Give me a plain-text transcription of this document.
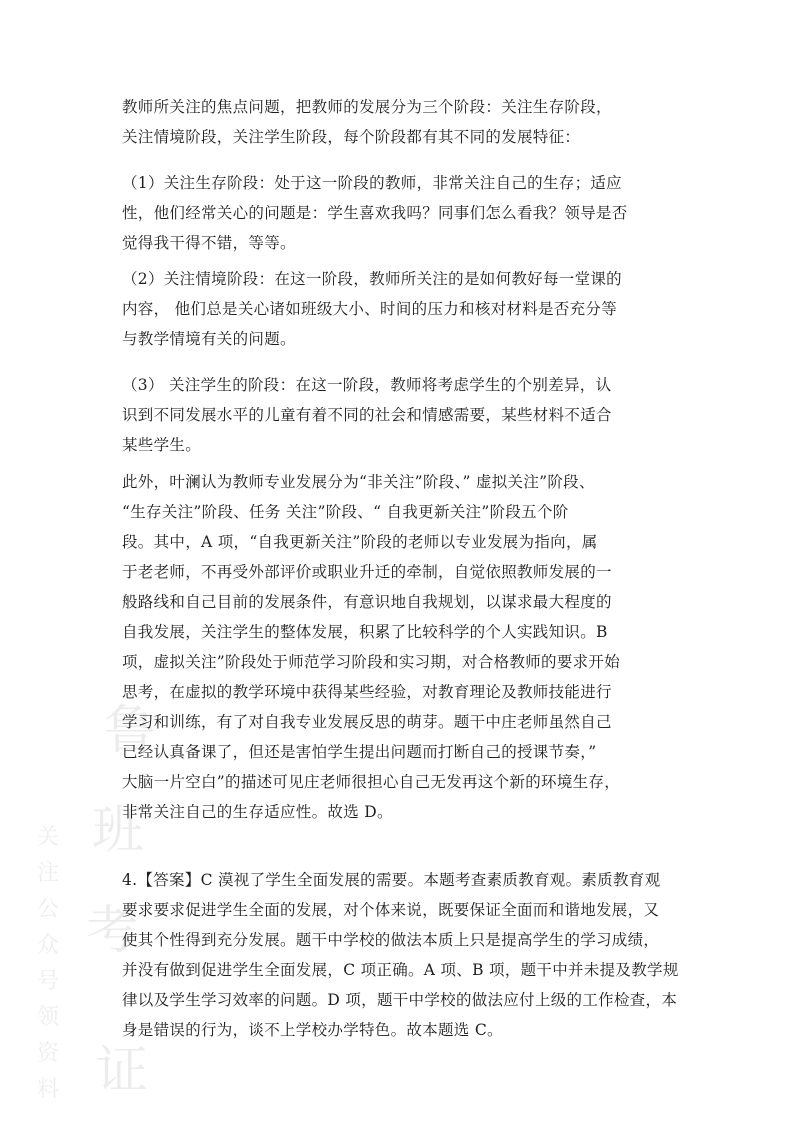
鲁
班
考
证
关
注
公
众
号
领
资
料

教师所关注的焦点问题，把教师的发展分为三个阶段：关注生存阶段，
关注情境阶段，关注学生阶段，每个阶段都有其不同的发展特征：

（1）关注生存阶段：处于这一阶段的教师，非常关注自己的生存；适应
性，他们经常关心的问题是：学生喜欢我吗？同事们怎么看我？领导是否
觉得我干得不错，等等。

（2）关注情境阶段：在这一阶段，教师所关注的是如何教好每一堂课的
内容， 他们总是关心诸如班级大小、时间的压力和核对材料是否充分等
与教学情境有关的问题。

（3） 关注学生的阶段：在这一阶段，教师将考虑学生的个别差异，认
识到不同发展水平的儿童有着不同的社会和情感需要，某些材料不适合
某些学生。

此外，叶澜认为教师专业发展分为“非关注”阶段、” 虚拟关注”阶段、
“生存关注”阶段、任务 关注”阶段、“ 自我更新关注”阶段五个阶
段。其中，A 项，“自我更新关注”阶段的老师以专业发展为指向，属
于老老师，不再受外部评价或职业升迁的牵制，自觉依照教师发展的一
般路线和自己目前的发展条件，有意识地自我规划，以谋求最大程度的
自我发展，关注学生的整体发展，积累了比较科学的个人实践知识。B
项，虚拟关注”阶段处于师范学习阶段和实习期，对合格教师的要求开始
思考，在虚拟的教学环境中获得某些经验，对教育理论及教师技能进行
学习和训练，有了对自我专业发展反思的萌芽。题干中庄老师虽然自己
已经认真备课了，但还是害怕学生提出问题而打断自己的授课节奏，”
大脑一片空白”的描述可见庄老师很担心自己无发再这个新的环境生存，
非常关注自己的生存适应性。故选 D。

4.【答案】C 漠视了学生全面发展的需要。本题考查素质教育观。素质教育观
要求要求促进学生全面的发展，对个体来说，既要保证全面而和谐地发展，又
使其个性得到充分发展。题干中学校的做法本质上只是提高学生的学习成绩，
并没有做到促进学生全面发展，C 项正确。A 项、B 项，题干中并未提及教学规
律以及学生学习效率的问题。D 项，题干中学校的做法应付上级的工作检查，本
身是错误的行为，谈不上学校办学特色。故本题选 C。
